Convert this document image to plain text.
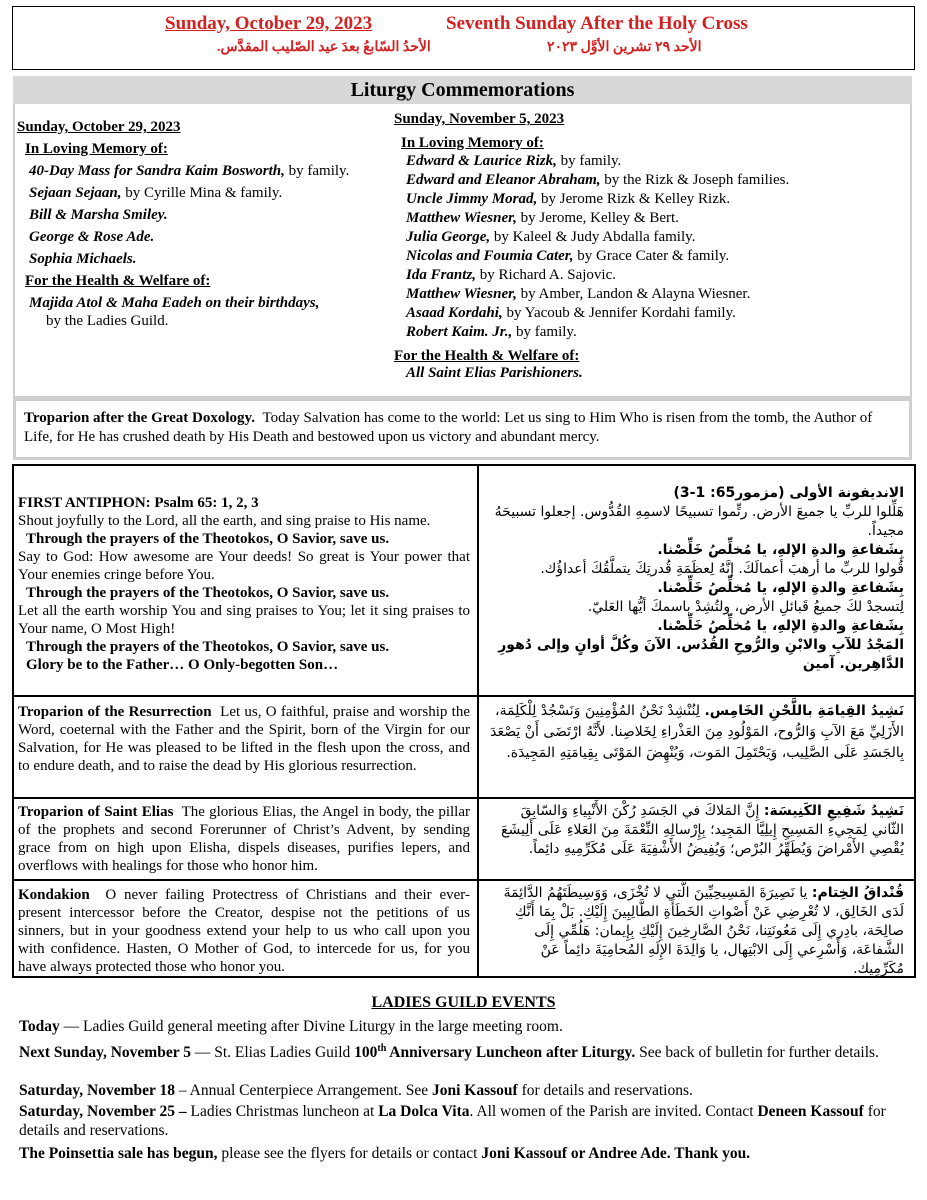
Sunday, October 29, 2023	Seventh Sunday After the Holy Cross
الأحدُ السّابعُ بعدَ عيد الصّليب المقدَّس.	الأحد ٢٩ تشرين الأوَّل ٢٠٢٣
Liturgy Commemorations
Sunday, October 29, 2023
In Loving Memory of:
40-Day Mass for Sandra Kaim Bosworth, by family.
Sejaan Sejaan, by Cyrille Mina & family.
Bill & Marsha Smiley.
George & Rose Ade.
Sophia Michaels.
For the Health & Welfare of:
Majida Atol & Maha Eadeh on their birthdays,
by the Ladies Guild.
Sunday, November 5, 2023
In Loving Memory of:
Edward & Laurice Rizk, by family.
Edward and Eleanor Abraham, by the Rizk & Joseph families.
Uncle Jimmy Morad, by Jerome Rizk & Kelley Rizk.
Matthew Wiesner, by Jerome, Kelley & Bert.
Julia George, by Kaleel & Judy Abdalla family.
Nicolas and Foumia Cater, by Grace Cater & family.
Ida Frantz, by Richard A. Sajovic.
Matthew Wiesner, by Amber, Landon & Alayna Wiesner.
Asaad Kordahi, by Yacoub & Jennifer Kordahi family.
Robert Kaim. Jr., by family.
For the Health & Welfare of:
All Saint Elias Parishioners.
Troparion after the Great Doxology. Today Salvation has come to the world: Let us sing to Him Who is risen from the tomb, the Author of Life, for He has crushed death by His Death and bestowed upon us victory and abundant mercy.
FIRST ANTIPHON: Psalm 65: 1, 2, 3
Shout joyfully to the Lord, all the earth, and sing praise to His name.
Through the prayers of the Theotokos, O Savior, save us.
Say to God: How awesome are Your deeds! So great is Your power that Your enemies cringe before You.
Through the prayers of the Theotokos, O Savior, save us.
Let all the earth worship You and sing praises to You; let it sing praises to Your name, O Most High!
Through the prayers of the Theotokos, O Savior, save us.
Glory be to the Father… O Only-begotten Son…
الانديفونة الأولى (مزمور65: 1-3)
هَلِّلوا للربِّ يا جميعَ الأرض. رتِّموا تسبيحًا لاسمِهِ القُدُّوس. إجعلوا تسبيحَهُ مجيداً.
بِشَفاعةِ والدةِ الإلهِ، يا مُخلِّصُ خَلِّصْنا.
قُولوا للربِّ ما أرهبَ أعمالَكَ. إنَّهُ لِعظَمَةِ قُدرتِكَ يتملَّقُكَ أعداؤُك.
بِشَفاعةِ والدةِ الإلهِ، يا مُخلِّصُ خَلِّصْنا.
لِتسجدْ لكَ جميعُ قَبائلِ الأرض، ولتُشِدْ باسمكَ أيُّها العَليّ.
بِشَفاعةِ والدةِ الإلهِ، يا مُخلِّصُ خَلِّصْنا.
المَجْدُ للآبِ والابْنِ والرُّوحِ القُدُس. الآنَ وكُلَّ أوانٍ وإلى دُهورِ الدَّاهِرين. آمين
Troparion of the Resurrection Let us, O faithful, praise and worship the Word, coeternal with the Father and the Spirit, born of the Virgin for our Salvation, for He was pleased to be lifted in the flesh upon the cross, and to endure death, and to raise the dead by His glorious resurrection.
نَشِيدُ القِيامَةِ باللَّحْنِ الخَامِس. لِنُنْشِدْ نَحْنُ المُؤْمِنِينَ وَنَسْجُدْ لِلْكَلِمَة، الأَزَلِيِّ مَعَ الآبِ وَالرُّوح، المَوْلُودِ مِنَ العَذْراءِ لِخَلاصِنا. لأَنَّهُ ارْتَضَى أَنْ يَصْعَدَ بِالجَسَدِ عَلَى الصَّلِيب، وَيَحْتَمِلَ المَوت، وَيُنْهِضَ المَوْتَى بِقِيامَتِهِ المَجِيدَة.
Troparion of Saint Elias The glorious Elias, the Angel in body, the pillar of the prophets and second Forerunner of Christ’s Advent, by sending grace from on high upon Elisha, dispels diseases, purifies lepers, and overflows with healings for those who honor him.
نَشِيدُ شَفِيعِ الكَنِيسَة: إِنَّ المَلاكَ في الجَسَدِ رُكْنَ الأَنْبِياءِ وَالسّابِقَ الثّاني لِمَجِيءِ المَسِيحِ إِيلِيَّا المَجِيد؛ بِإِرْسالِهِ النِّعْمَةَ مِنَ العَلاءِ عَلَى أَلِيشَعَ يُقْصِي الأَمْراضَ وَيُطَهِّرُ البُرْص؛ وَيُفِيضُ الأَشْفِيَةَ عَلَى مُكَرِّمِيهِ دائِماً.
Kondakion O never failing Protectress of Christians and their ever-present intercessor before the Creator, despise not the petitions of us sinners, but in your goodness extend your help to us who call upon you with confidence. Hasten, O Mother of God, to intercede for us, for you have always protected those who honor you.
قُنْداقُ الخِتام: يا نَصِيرَةَ المَسِيحِيِّينَ الَّتي لا تُخْزَى، وَوَسِيطَتَهُمُ الدَّائِمَةَ لَدَى الخَالِق، لا تُعْرِضِي عَنْ أَصْواتِ الخَطَأَةِ الطَّالِبِينَ إِلَيْكِ. بَلْ بِمَا أَنَّكِ صالِحَة، بادِري إِلَى مَعُونَتِنا، نَحْنُ الصَّارِخِينَ إِلَيْكِ بِإِيمان: هَلُمِّي إِلَى الشَّفاعَة، وَأَسْرِعي إِلَى الابْتِهال، يا وَالِدَةَ الإِلَهِ المُحامِيَةَ دائِماً عَنْ مُكَرِّمِيك.
LADIES GUILD EVENTS
Today — Ladies Guild general meeting after Divine Liturgy in the large meeting room.
Next Sunday, November 5 — St. Elias Ladies Guild 100th Anniversary Luncheon after Liturgy. See back of bulletin for further details.
Saturday, November 18 – Annual Centerpiece Arrangement. See Joni Kassouf for details and reservations.
Saturday, November 25 – Ladies Christmas luncheon at La Dolca Vita. All women of the Parish are invited. Contact Deneen Kassouf for details and reservations.
The Poinsettia sale has begun, please see the flyers for details or contact Joni Kassouf or Andree Ade. Thank you.
